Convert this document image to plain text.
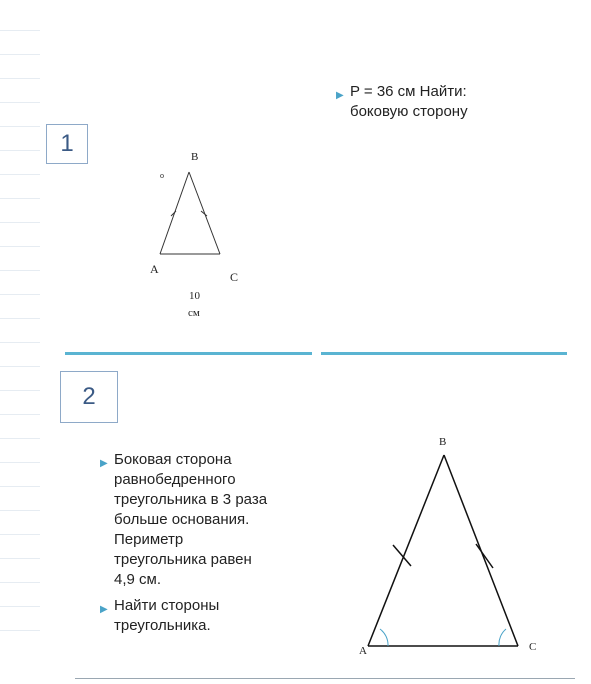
1
▶ P = 36 см Найти:
боковую сторону
B
о
A
C
10
см
2
▶ Боковая сторона
равнобедренного
треугольника в 3 раза
больше основания.
Периметр
треугольника равен
4,9 см.
▶ Найти стороны
треугольника.
B
A	C
